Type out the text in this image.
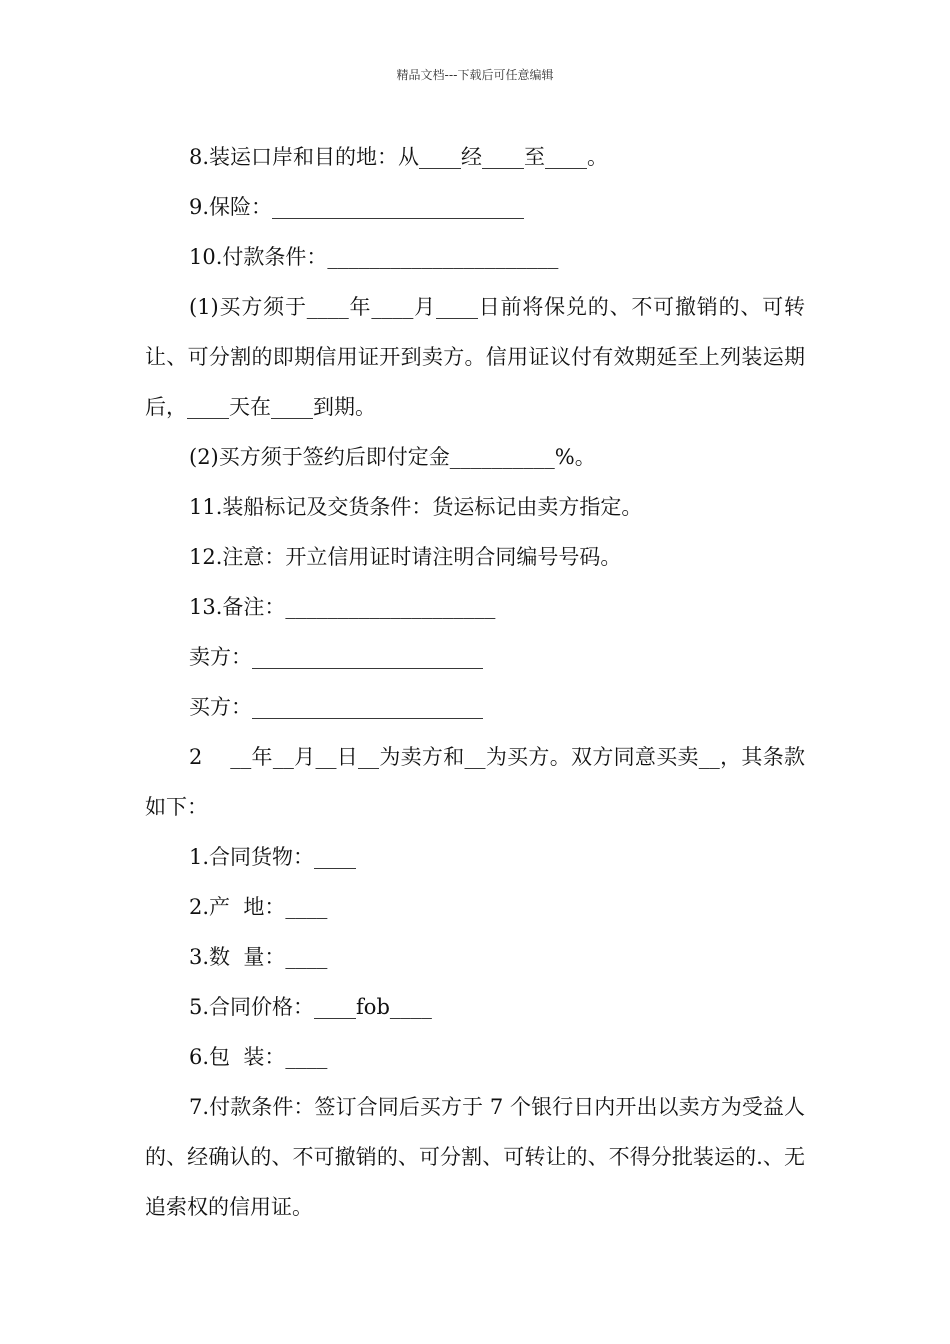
精品文档---下载后可任意编辑

8.装运口岸和目的地：从____经____至____。

9.保险：________________________

10.付款条件：______________________

(1)买方须于____年____月____日前将保兑的、不可撤销的、可转让、可分割的即期信用证开到卖方。信用证议付有效期延至上列装运期后，____天在____到期。

(2)买方须于签约后即付定金__________%。

11.装船标记及交货条件：货运标记由卖方指定。

12.注意：开立信用证时请注明合同编号号码。

13.备注：____________________

卖方：______________________

买方：______________________

2    __年__月__日__为卖方和__为买方。双方同意买卖__，其条款如下：

1.合同货物：____

2.产  地：____

3.数  量：____

5.合同价格：____fob____

6.包  装：____

7.付款条件：签订合同后买方于 7 个银行日内开出以卖方为受益人的、经确认的、不可撤销的、可分割、可转让的、不得分批装运的.、无追索权的信用证。
